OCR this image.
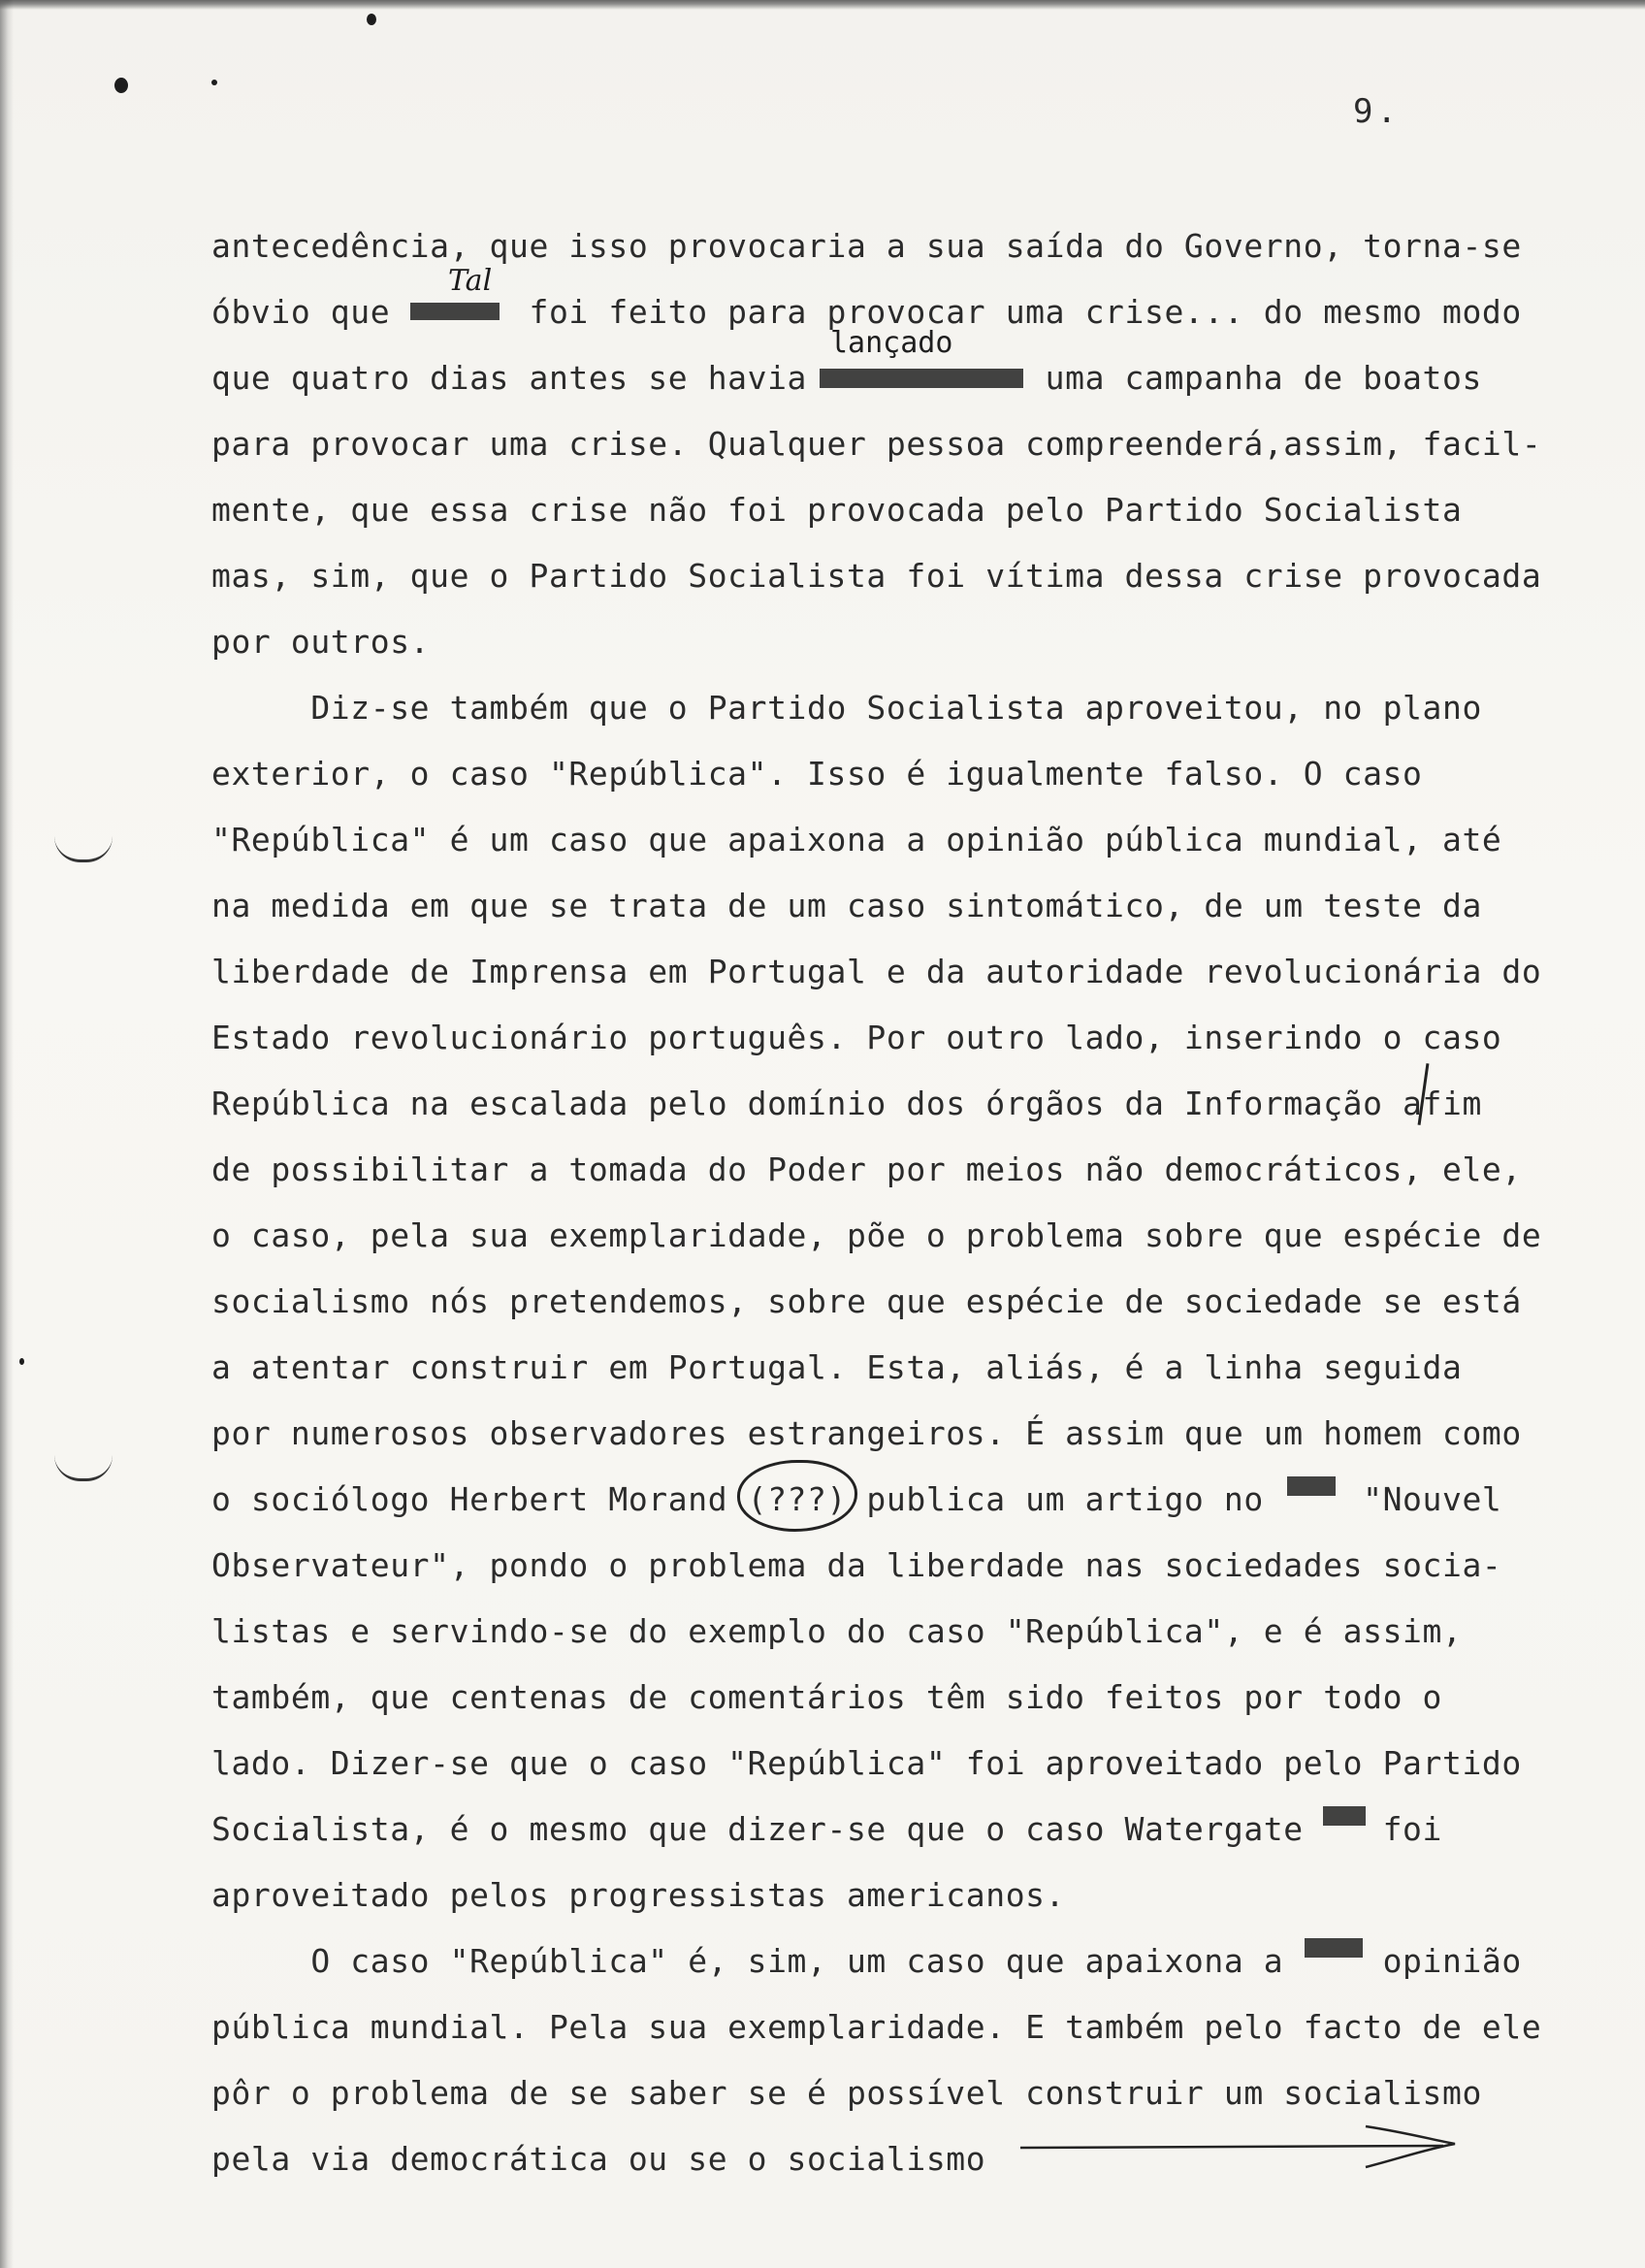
9.
Tal
lançado
antecedência, que isso provocaria a sua saída do Governo, torna-se
óbvio que       foi feito para provocar uma crise... do mesmo modo
que quatro dias antes se havia            uma campanha de boatos
para provocar uma crise. Qualquer pessoa compreenderá,assim, facil-
mente, que essa crise não foi provocada pelo Partido Socialista
mas, sim, que o Partido Socialista foi vítima dessa crise provocada
por outros.
Diz-se também que o Partido Socialista aproveitou, no plano
exterior, o caso "República". Isso é igualmente falso. O caso
"República" é um caso que apaixona a opinião pública mundial, até
na medida em que se trata de um caso sintomático, de um teste da
liberdade de Imprensa em Portugal e da autoridade revolucionária do
Estado revolucionário português. Por outro lado, inserindo o caso
República na escalada pelo domínio dos órgãos da Informação afim
de possibilitar a tomada do Poder por meios não democráticos, ele,
o caso, pela sua exemplaridade, põe o problema sobre que espécie de
socialismo nós pretendemos, sobre que espécie de sociedade se está
a atentar construir em Portugal. Esta, aliás, é a linha seguida
por numerosos observadores estrangeiros. É assim que um homem como
o sociólogo Herbert Morand (???) publica um artigo no     "Nouvel
Observateur", pondo o problema da liberdade nas sociedades socia-
listas e servindo-se do exemplo do caso "República", e é assim,
também, que centenas de comentários têm sido feitos por todo o
lado. Dizer-se que o caso "República" foi aproveitado pelo Partido
Socialista, é o mesmo que dizer-se que o caso Watergate    foi
aproveitado pelos progressistas americanos.
O caso "República" é, sim, um caso que apaixona a     opinião
pública mundial. Pela sua exemplaridade. E também pelo facto de ele
pôr o problema de se saber se é possível construir um socialismo
pela via democrática ou se o socialismo
